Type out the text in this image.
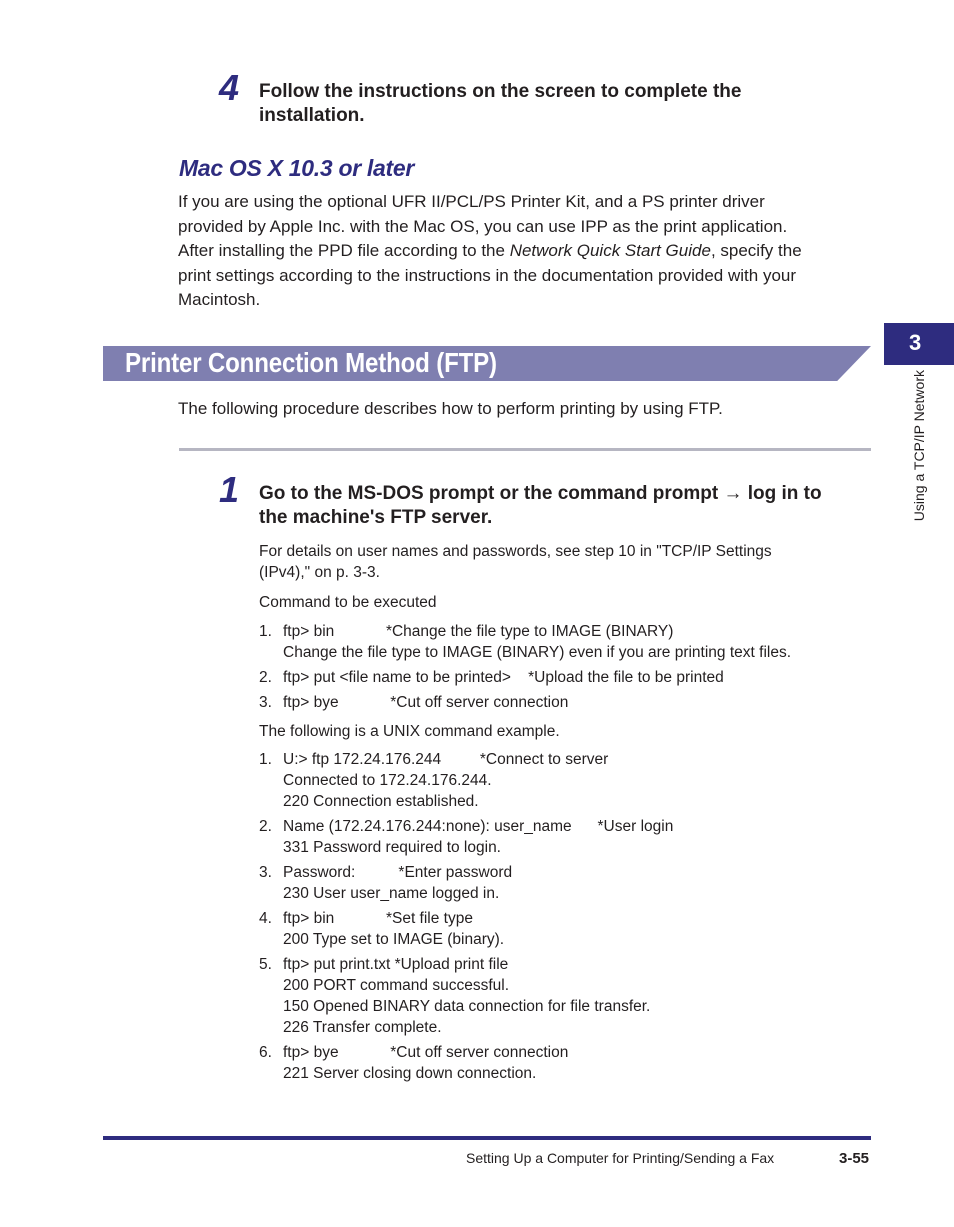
4 Follow the instructions on the screen to complete the
installation.
Mac OS X 10.3 or later
If you are using the optional UFR II/PCL/PS Printer Kit, and a PS printer driver
provided by Apple Inc. with the Mac OS, you can use IPP as the print application.
After installing the PPD file according to the Network Quick Start Guide, specify the
print settings according to the instructions in the documentation provided with your
Macintosh.
Printer Connection Method (FTP)
The following procedure describes how to perform printing by using FTP.
1 Go to the MS-DOS prompt or the command prompt → log in to
the machine's FTP server.
For details on user names and passwords, see step 10 in "TCP/IP Settings
(IPv4)," on p. 3-3.
Command to be executed
1. ftp> bin            *Change the file type to IMAGE (BINARY)
Change the file type to IMAGE (BINARY) even if you are printing text files.
2. ftp> put <file name to be printed>    *Upload the file to be printed
3. ftp> bye            *Cut off server connection
The following is a UNIX command example.
1. U:> ftp 172.24.176.244         *Connect to server
Connected to 172.24.176.244.
220 Connection established.
2. Name (172.24.176.244:none): user_name      *User login
331 Password required to login.
3. Password:          *Enter password
230 User user_name logged in.
4. ftp> bin            *Set file type
200 Type set to IMAGE (binary).
5. ftp> put print.txt *Upload print file
200 PORT command successful.
150 Opened BINARY data connection for file transfer.
226 Transfer complete.
6. ftp> bye            *Cut off server connection
221 Server closing down connection.
3
Using a TCP/IP Network
Setting Up a Computer for Printing/Sending a Fax	3-55
